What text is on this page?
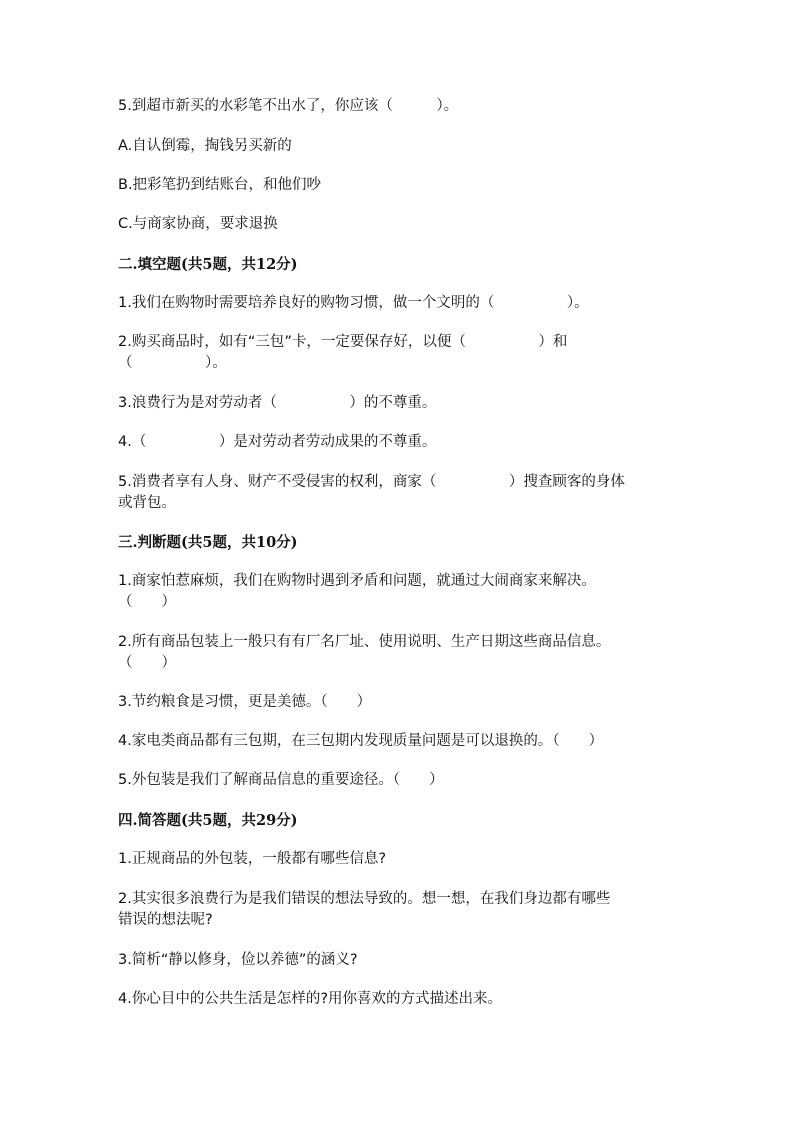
5.到超市新买的水彩笔不出水了，你应该（　　　）。

A.自认倒霉，掏钱另买新的

B.把彩笔扔到结账台，和他们吵

C.与商家协商，要求退换

二.填空题(共5题，共12分)

1.我们在购物时需要培养良好的购物习惯，做一个文明的（　　　　　）。

2.购买商品时，如有“三包”卡，一定要保存好，以便（　　　　　）和

（　　　　　）。

3.浪费行为是对劳动者（　　　　　）的不尊重。

4.（　　　　　）是对劳动者劳动成果的不尊重。

5.消费者享有人身、财产不受侵害的权利，商家（　　　　　）搜查顾客的身体

或背包。

三.判断题(共5题，共10分)

1.商家怕惹麻烦，我们在购物时遇到矛盾和问题，就通过大闹商家来解决。

（　　）

2.所有商品包装上一般只有有厂名厂址、使用说明、生产日期这些商品信息。

（　　）

3.节约粮食是习惯，更是美德。（　　）

4.家电类商品都有三包期，在三包期内发现质量问题是可以退换的。（　　）

5.外包装是我们了解商品信息的重要途径。（　　）

四.简答题(共5题，共29分)

1.正规商品的外包装，一般都有哪些信息?

2.其实很多浪费行为是我们错误的想法导致的。想一想，在我们身边都有哪些

错误的想法呢?

3.简析“静以修身，俭以养德”的涵义?

4.你心目中的公共生活是怎样的?用你喜欢的方式描述出来。
